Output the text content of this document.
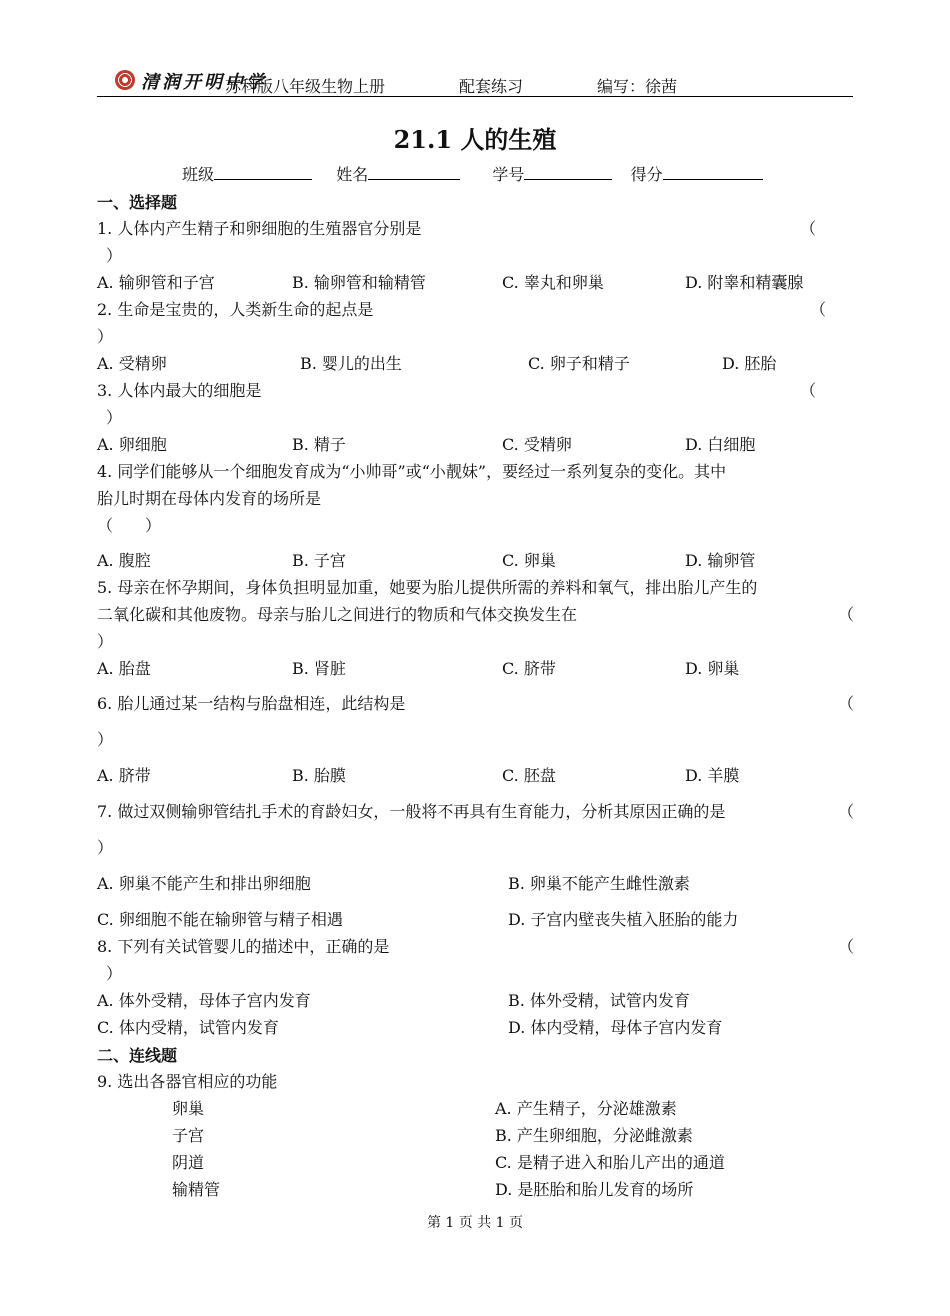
清润开明中学
苏科版八年级生物上册	配套练习	编写：徐茜
21.1 人的生殖
班级	姓名	学号	得分
一、选择题
1. 人体内产生精子和卵细胞的生殖器官分别是	（
）
A. 输卵管和子宫	B. 输卵管和输精管	C. 睾丸和卵巢	D. 附睾和精囊腺
2. 生命是宝贵的，人类新生命的起点是	（
）
A. 受精卵	B. 婴儿的出生	C. 卵子和精子	D. 胚胎
3. 人体内最大的细胞是	（
）
A. 卵细胞	B. 精子	C. 受精卵	D. 白细胞
4. 同学们能够从一个细胞发育成为“小帅哥”或“小靓妹”，要经过一系列复杂的变化。其中
胎儿时期在母体内发育的场所是
（　　）
A. 腹腔	B. 子宫	C. 卵巢	D. 输卵管
5. 母亲在怀孕期间，身体负担明显加重，她要为胎儿提供所需的养料和氧气，排出胎儿产生的
二氧化碳和其他废物。母亲与胎儿之间进行的物质和气体交换发生在	（
）
A. 胎盘	B. 肾脏	C. 脐带	D. 卵巢
6. 胎儿通过某一结构与胎盘相连，此结构是	（
）
A. 脐带	B. 胎膜	C. 胚盘	D. 羊膜
7. 做过双侧输卵管结扎手术的育龄妇女，一般将不再具有生育能力，分析其原因正确的是	（
）
A. 卵巢不能产生和排出卵细胞	B. 卵巢不能产生雌性激素
C. 卵细胞不能在输卵管与精子相遇	D. 子宫内壁丧失植入胚胎的能力
8. 下列有关试管婴儿的描述中，正确的是	（
）
A. 体外受精，母体子宫内发育	B. 体外受精，试管内发育
C. 体内受精，试管内发育	D. 体内受精，母体子宫内发育
二、连线题
9. 选出各器官相应的功能
卵巢
子宫
阴道
输精管
A. 产生精子，分泌雄激素
B. 产生卵细胞，分泌雌激素
C. 是精子进入和胎儿产出的通道
D. 是胚胎和胎儿发育的场所
第 1 页 共 1 页
